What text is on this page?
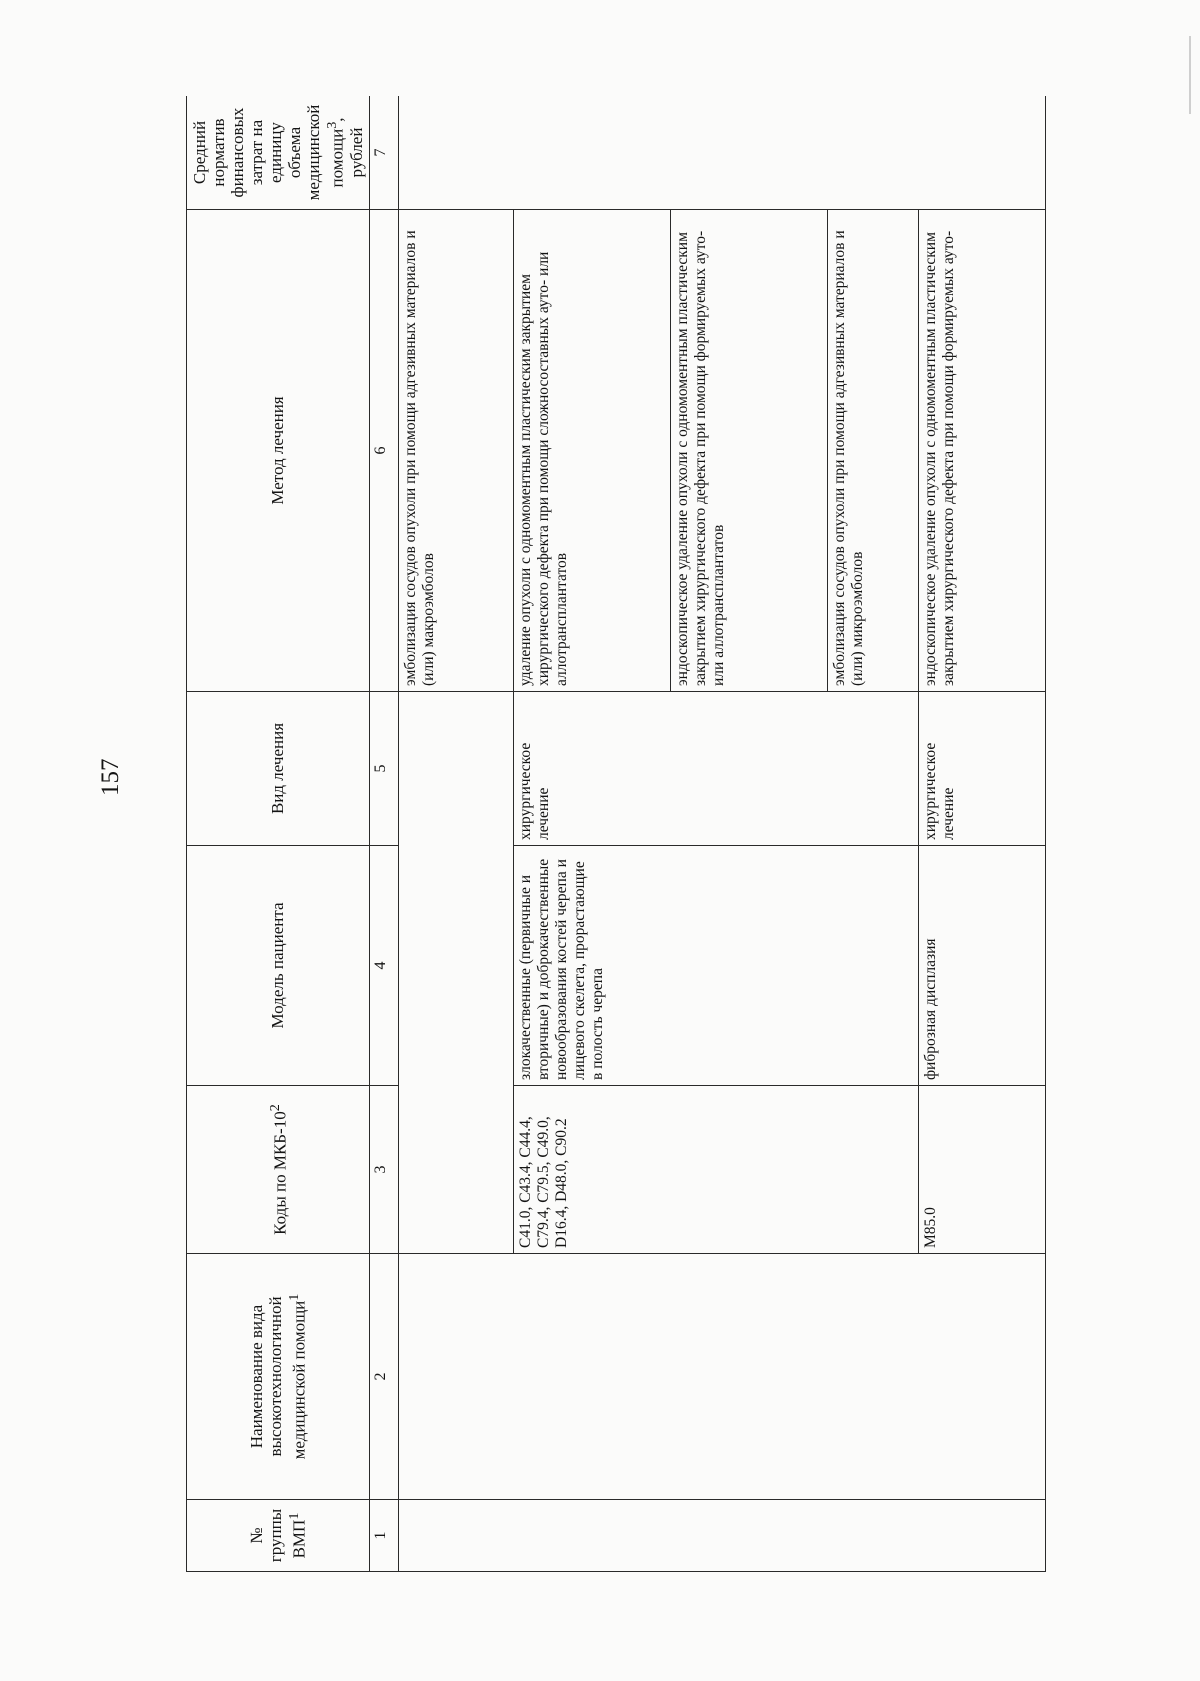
157
№ группы ВМП$^1$	Наименование вида высокотехнологичной медицинской помощи$^1$	Коды по МКБ-$10^2$	Модель пациента	Вид лечения	Метод лечения	Средний норматив финансовых затрат на единицу объема медицинской помощи$^3$, рублей
1	2	3	4	5	6	7
					эмболизация сосудов опухоли при помощи адгезивных материалов и (или) макроэмболов	
		C41.0, C43.4, C44.4, C79.4, C79.5, C49.0, D16.4, D48.0, C90.2	злокачественные (первичные и вторичные) и доброкачественные новообразования костей черепа и лицевого скелета, прорастающие в полость черепа	хирургическое лечение	удаление опухоли с одномоментным пластическим закрытием хирургического дефекта при помощи сложносоставных ауто- или аллотрансплантатов	
					эндоскопическое удаление опухоли с одномоментным пластическим закрытием хирургического дефекта при помощи формируемых ауто- или аллотрансплантатов	
					эмболизация сосудов опухоли при помощи адгезивных материалов и (или) микроэмболов	
		M85.0	фиброзная дисплазия	хирургическое лечение	эндоскопическое удаление опухоли с одномоментным пластическим закрытием хирургического дефекта при помощи формируемых ауто-	
